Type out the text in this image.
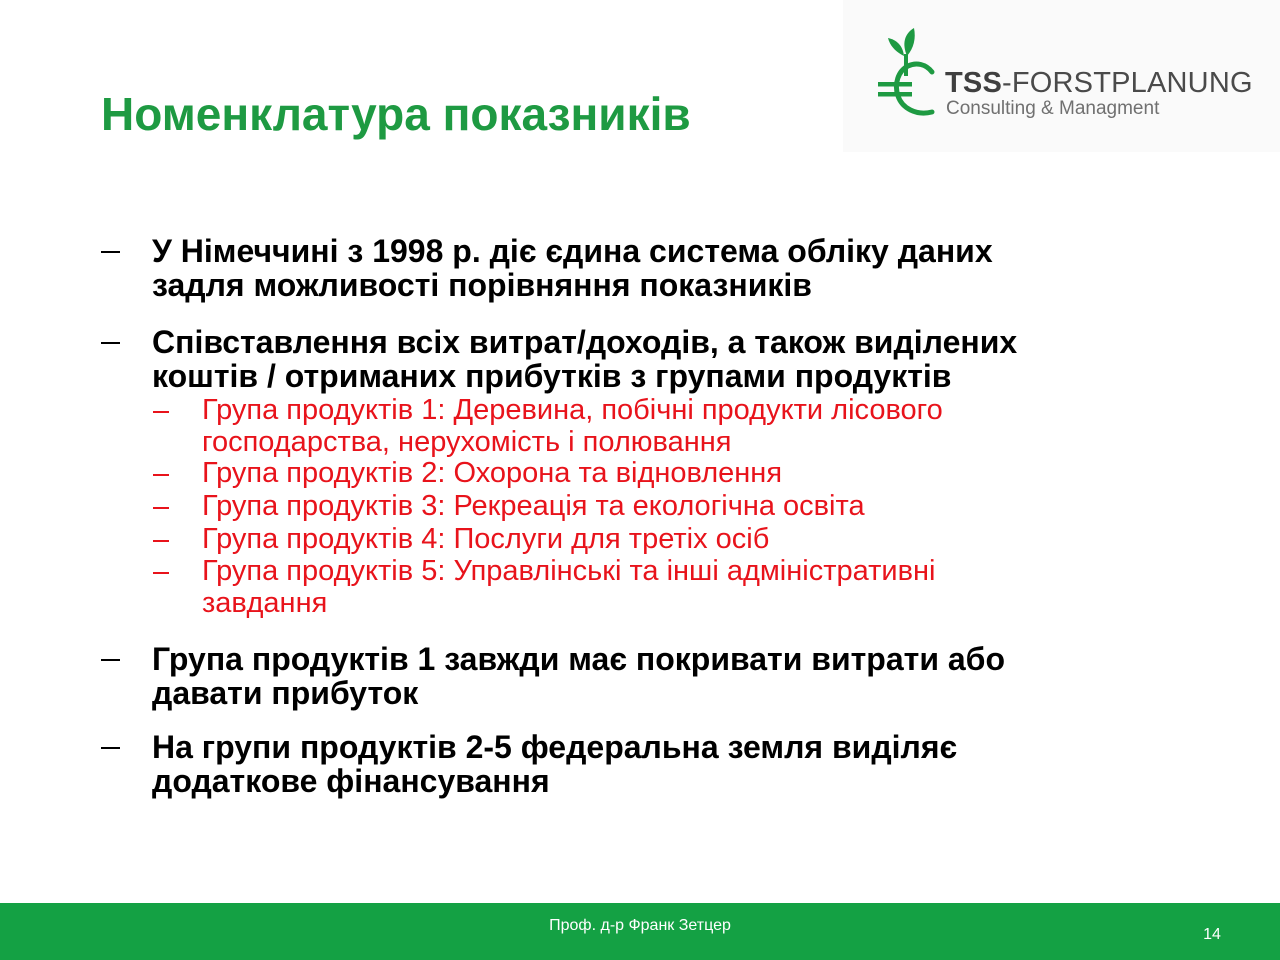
TSS-FORSTPLANUNG
Consulting & Managment
Номенклатура показників

У Німеччині з 1998 р. діє єдина система обліку даних
задля можливості порівняння показників

Співставлення всіх витрат/доходів, а також виділених
коштів / отриманих прибутків з групами продуктів

Група продуктів 1: Деревина, побічні продукти лісового
господарства, нерухомість і полювання

Група продуктів 2: Охорона та відновлення

Група продуктів 3: Рекреація та екологічна освіта

Група продуктів 4: Послуги для третіх осіб

Група продуктів 5: Управлінські та інші адміністративні
завдання

Група продуктів 1 завжди має покривати витрати або
давати прибуток

На групи продуктів 2-5 федеральна земля виділяє
додаткове фінансування

Проф. д-р Франк Зетцер
14
